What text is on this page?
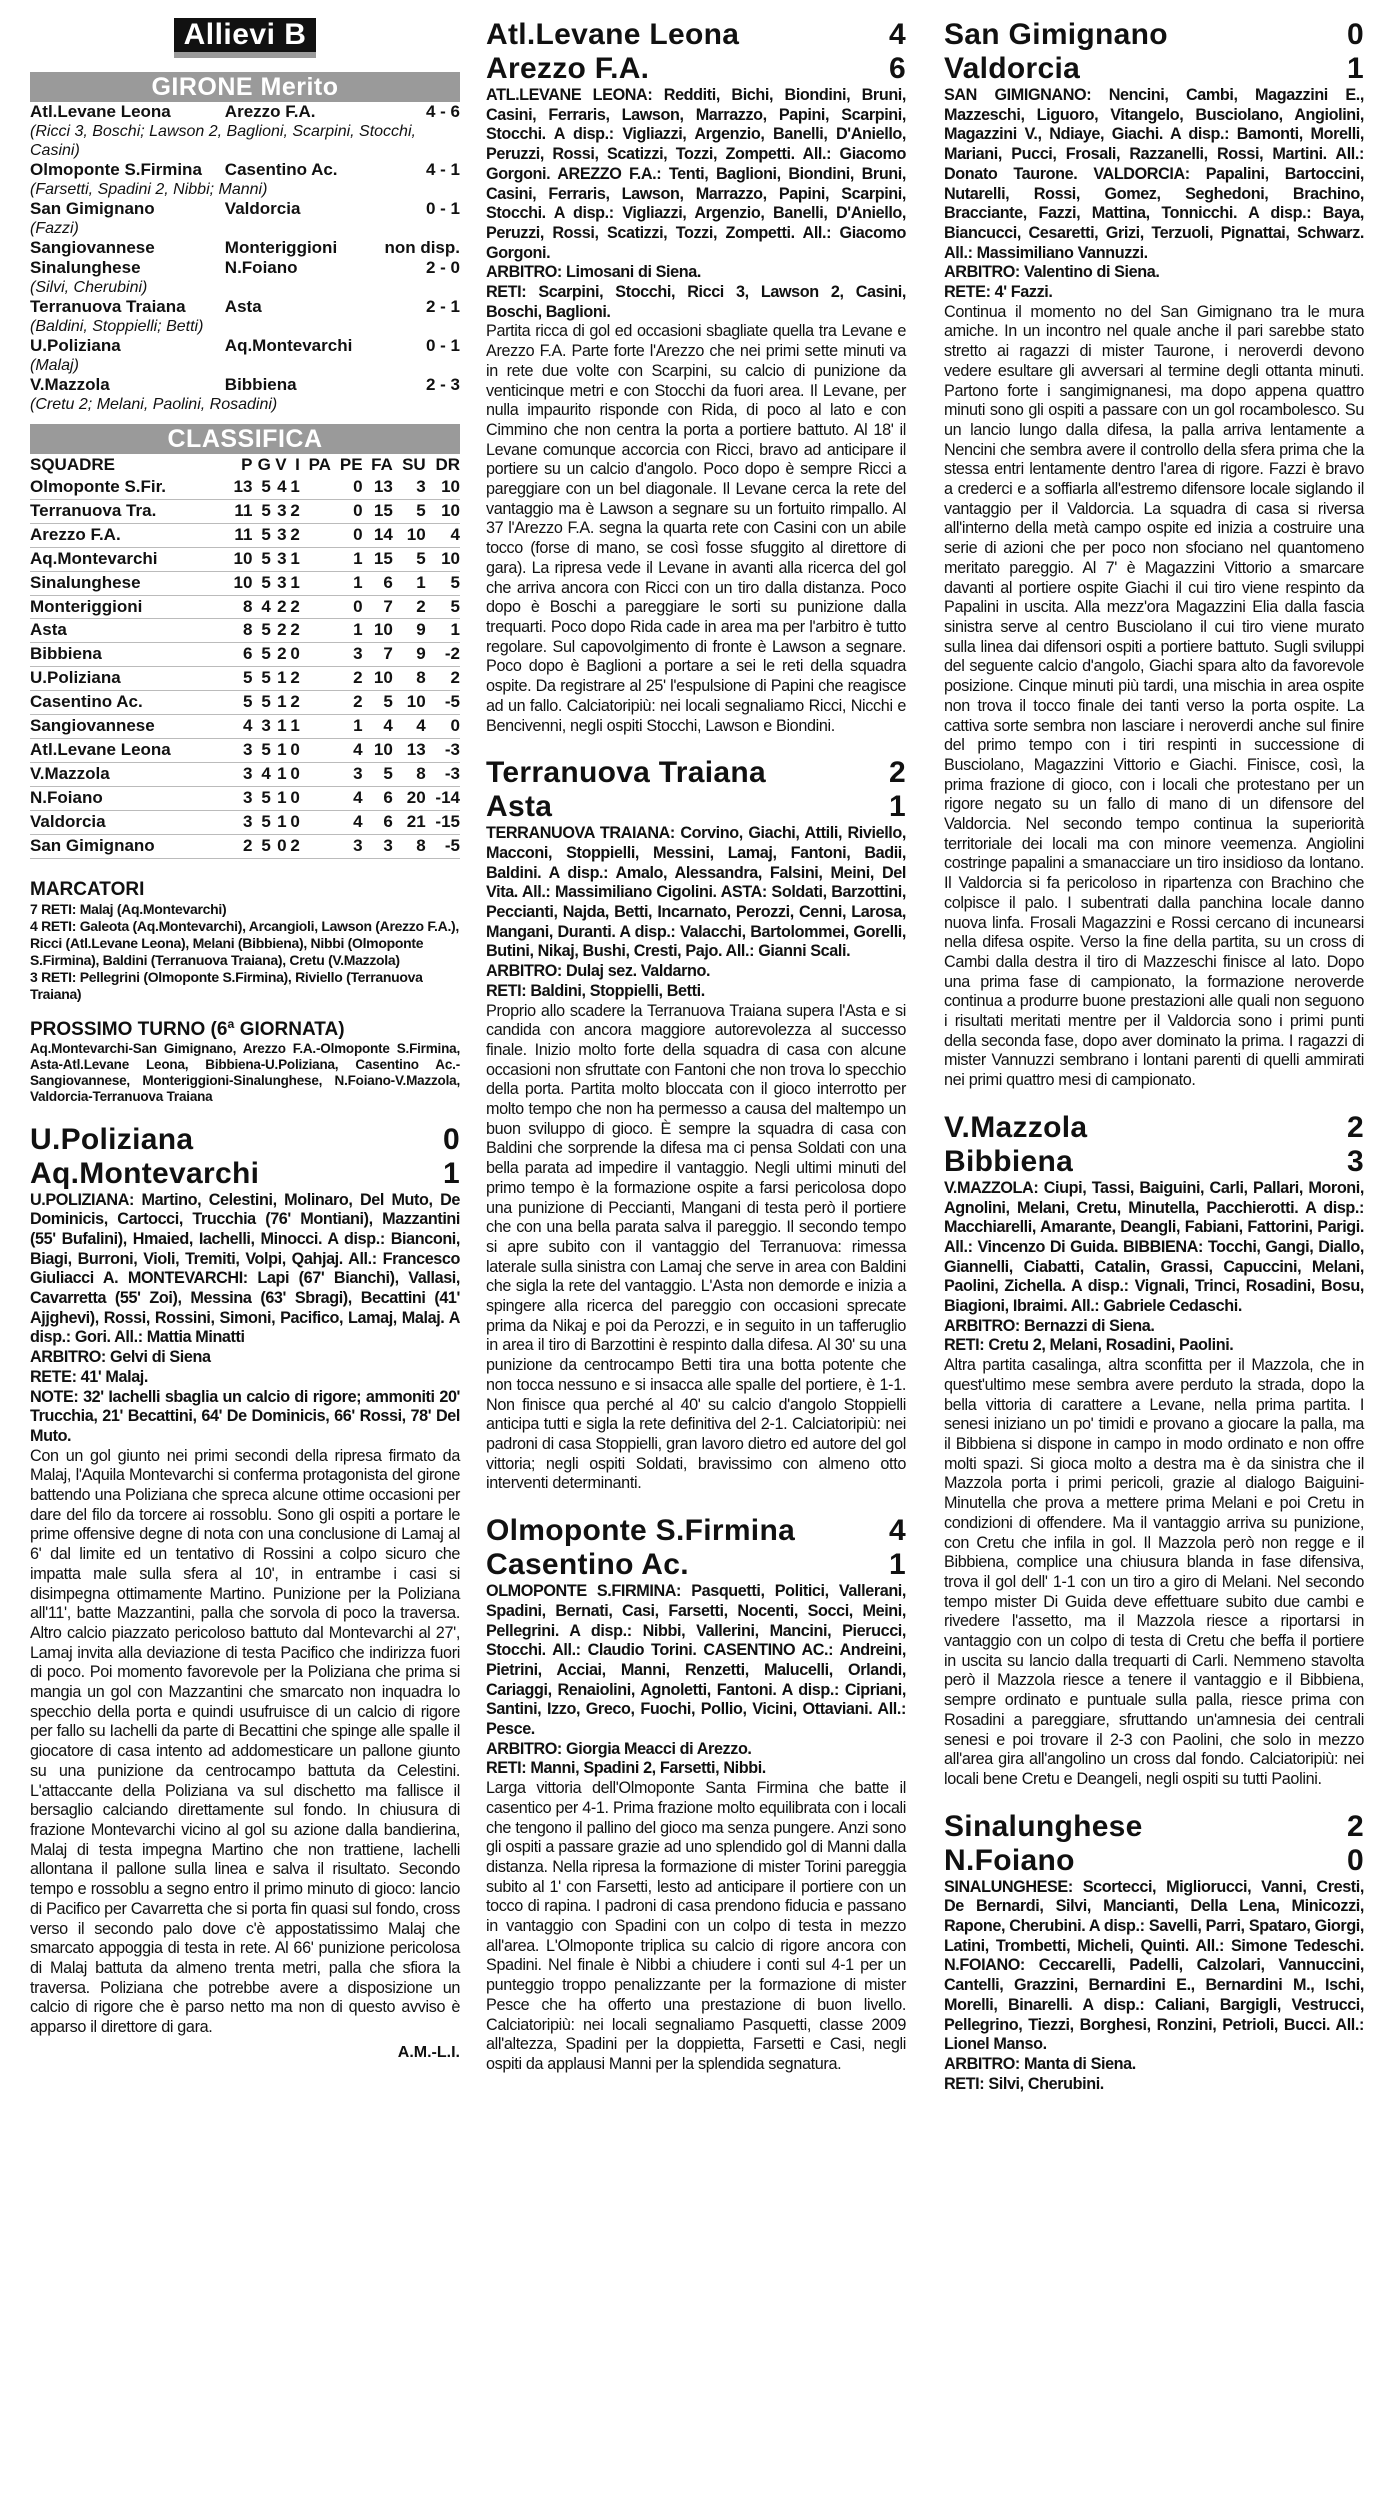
Allievi B
GIRONE Merito
Atl.Levane Leona	Arezzo F.A.	4 - 6
(Ricci 3, Boschi; Lawson 2, Baglioni, Scarpini, Stocchi, Casini)		
Olmoponte S.Firmina	Casentino Ac.	4 - 1
(Farsetti, Spadini 2, Nibbi; Manni)		
San Gimignano	Valdorcia	0 - 1
(Fazzi)		
Sangiovannese	Monteriggioni	non disp.
Sinalunghese	N.Foiano	2 - 0
(Silvi, Cherubini)		
Terranuova Traiana	Asta	2 - 1
(Baldini, Stoppielli; Betti)		
U.Poliziana	Aq.Montevarchi	0 - 1
(Malaj)		
V.Mazzola	Bibbiena	2 - 3
(Cretu 2; Melani, Paolini, Rosadini)		
CLASSIFICA
SQUADRE	P	G	V	I	PA	PE	FA	SU	DR
Olmoponte S.Fir.	13	5	4	1		0	13	3	10
Terranuova Tra.	11	5	3	2		0	15	5	10
Arezzo F.A.	11	5	3	2		0	14	10	4
Aq.Montevarchi	10	5	3	1		1	15	5	10
Sinalunghese	10	5	3	1		1	6	1	5
Monteriggioni	8	4	2	2		0	7	2	5
Asta	8	5	2	2		1	10	9	1
Bibbiena	6	5	2	0		3	7	9	-2
U.Poliziana	5	5	1	2		2	10	8	2
Casentino Ac.	5	5	1	2		2	5	10	-5
Sangiovannese	4	3	1	1		1	4	4	0
Atl.Levane Leona	3	5	1	0		4	10	13	-3
V.Mazzola	3	4	1	0		3	5	8	-3
N.Foiano	3	5	1	0		4	6	20	-14
Valdorcia	3	5	1	0		4	6	21	-15
San Gimignano	2	5	0	2		3	3	8	-5
MARCATORI

7 RETI: Malaj (Aq.Montevarchi)

4 RETI: Galeota (Aq.Montevarchi), Arcangioli, Lawson (Arezzo F.A.), Ricci (Atl.Levane Leona), Melani (Bibbiena), Nibbi (Olmoponte S.Firmina), Baldini (Terranuova Traiana), Cretu (V.Mazzola)

3 RETI: Pellegrini (Olmoponte S.Firmina), Riviello (Terranuova Traiana)

PROSSIMO TURNO (6ª GIORNATA)

Aq.Montevarchi-San Gimignano, Arezzo F.A.-Olmoponte S.Firmina, Asta-Atl.Levane Leona, Bibbiena-U.Poliziana, Casentino Ac.-Sangiovannese, Monteriggioni-Sinalunghese, N.Foiano-V.Mazzola, Valdorcia-Terranuova Traiana

U.Poliziana	0
Aq.Montevarchi	1

U.POLIZIANA: Martino, Celestini, Molinaro, Del Muto, De Dominicis, Cartocci, Trucchia (76' Montiani), Mazzantini (55' Bufalini), Hmaied, Iachelli, Minocci. A disp.: Bianconi, Biagi, Burroni, Violi, Tremiti, Volpi, Qahjaj. All.: Francesco Giuliacci A. MONTEVARCHI: Lapi (67' Bianchi), Vallasi, Cavarretta (55' Zoi), Messina (63' Sbragi), Becattini (41' Ajjghevi), Rossi, Rossini, Simoni, Pacifico, Lamaj, Malaj. A disp.: Gori. All.: Mattia Minatti

ARBITRO: Gelvi di Siena

RETE: 41' Malaj.

NOTE: 32' Iachelli sbaglia un calcio di rigore; ammoniti 20' Trucchia, 21' Becattini, 64' De Dominicis, 66' Rossi, 78' Del Muto.

Con un gol giunto nei primi secondi della ripresa firmato da Malaj, l'Aquila Montevarchi si conferma protagonista del girone battendo una Poliziana che spreca alcune ottime occasioni per dare del filo da torcere ai rossoblu. Sono gli ospiti a portare le prime offensive degne di nota con una conclusione di Lamaj al 6' dal limite ed un tentativo di Rossini a colpo sicuro che impatta male sulla sfera al 10', in entrambe i casi si disimpegna ottimamente Martino. Punizione per la Poliziana all'11', batte Mazzantini, palla che sorvola di poco la traversa. Altro calcio piazzato pericoloso battuto dal Montevarchi al 27', Lamaj invita alla deviazione di testa Pacifico che indirizza fuori di poco. Poi momento favorevole per la Poliziana che prima si mangia un gol con Mazzantini che smarcato non inquadra lo specchio della porta e quindi usufruisce di un calcio di rigore per fallo su Iachelli da parte di Becattini che spinge alle spalle il giocatore di casa intento ad addomesticare un pallone giunto su una punizione da centrocampo battuta da Celestini. L'attaccante della Poliziana va sul dischetto ma fallisce il bersaglio calciando direttamente sul fondo. In chiusura di frazione Montevarchi vicino al gol su azione dalla bandierina, Malaj di testa impegna Martino che non trattiene, lachelli allontana il pallone sulla linea e salva il risultato. Secondo tempo e rossoblu a segno entro il primo minuto di gioco: lancio di Pacifico per Cavarretta che si porta fin quasi sul fondo, cross verso il secondo palo dove c'è appostatissimo Malaj che smarcato appoggia di testa in rete. Al 66' punizione pericolosa di Malaj battuta da almeno trenta metri, palla che sfiora la traversa. Poliziana che potrebbe avere a disposizione un calcio di rigore che è parso netto ma non di questo avviso è apparso il direttore di gara.

A.M.-L.I.

Atl.Levane Leona	4
Arezzo F.A.	6

ATL.LEVANE LEONA: Redditi, Bichi, Biondini, Bruni, Casini, Ferraris, Lawson, Marrazzo, Papini, Scarpini, Stocchi. A disp.: Vigliazzi, Argenzio, Banelli, D'Aniello, Peruzzi, Rossi, Scatizzi, Tozzi, Zompetti. All.: Giacomo Gorgoni. AREZZO F.A.: Tenti, Baglioni, Biondini, Bruni, Casini, Ferraris, Lawson, Marrazzo, Papini, Scarpini, Stocchi. A disp.: Vigliazzi, Argenzio, Banelli, D'Aniello, Peruzzi, Rossi, Scatizzi, Tozzi, Zompetti. All.: Giacomo Gorgoni.

ARBITRO: Limosani di Siena.

RETI: Scarpini, Stocchi, Ricci 3, Lawson 2, Casini, Boschi, Baglioni.

Partita ricca di gol ed occasioni sbagliate quella tra Levane e Arezzo F.A. Parte forte l'Arezzo che nei primi sette minuti va in rete due volte con Scarpini, su calcio di punizione da venticinque metri e con Stocchi da fuori area. Il Levane, per nulla impaurito risponde con Rida, di poco al lato e con Cimmino che non centra la porta a portiere battuto. Al 18' il Levane comunque accorcia con Ricci, bravo ad anticipare il portiere su un calcio d'angolo. Poco dopo è sempre Ricci a pareggiare con un bel diagonale. Il Levane cerca la rete del vantaggio ma è Lawson a segnare su un fortuito rimpallo. Al 37 l'Arezzo F.A. segna la quarta rete con Casini con un abile tocco (forse di mano, se così fosse sfuggito al direttore di gara). La ripresa vede il Levane in avanti alla ricerca del gol che arriva ancora con Ricci con un tiro dalla distanza. Poco dopo è Boschi a pareggiare le sorti su punizione dalla trequarti. Poco dopo Rida cade in area ma per l'arbitro è tutto regolare. Sul capovolgimento di fronte è Lawson a segnare. Poco dopo è Baglioni a portare a sei le reti della squadra ospite. Da registrare al 25' l'espulsione di Papini che reagisce ad un fallo. Calciatoripiù: nei locali segnaliamo Ricci, Nicchi e Bencivenni, negli ospiti Stocchi, Lawson e Biondini.

Terranuova Traiana	2
Asta	1

TERRANUOVA TRAIANA: Corvino, Giachi, Attili, Riviello, Macconi, Stoppielli, Messini, Lamaj, Fantoni, Badii, Baldini. A disp.: Amalo, Alessandra, Falsini, Meini, Del Vita. All.: Massimiliano Cigolini. ASTA: Soldati, Barzottini, Peccianti, Najda, Betti, Incarnato, Perozzi, Cenni, Larosa, Mangani, Duranti. A disp.: Valacchi, Bartolommei, Gorelli, Butini, Nikaj, Bushi, Cresti, Pajo. All.: Gianni Scali.

ARBITRO: Dulaj sez. Valdarno.

RETI: Baldini, Stoppielli, Betti.

Proprio allo scadere la Terranuova Traiana supera l'Asta e si candida con ancora maggiore autorevolezza al successo finale. Inizio molto forte della squadra di casa con alcune occasioni non sfruttate con Fantoni che non trova lo specchio della porta. Partita molto bloccata con il gioco interrotto per molto tempo che non ha permesso a causa del maltempo un buon sviluppo di gioco. È sempre la squadra di casa con Baldini che sorprende la difesa ma ci pensa Soldati con una bella parata ad impedire il vantaggio. Negli ultimi minuti del primo tempo è la formazione ospite a farsi pericolosa dopo una punizione di Peccianti, Mangani di testa però il portiere che con una bella parata salva il pareggio. Il secondo tempo si apre subito con il vantaggio del Terranuova: rimessa laterale sulla sinistra con Lamaj che serve in area con Baldini che sigla la rete del vantaggio. L'Asta non demorde e inizia a spingere alla ricerca del pareggio con occasioni sprecate prima da Nikaj e poi da Perozzi, e in seguito in un tafferuglio in area il tiro di Barzottini è respinto dalla difesa. Al 30' su una punizione da centrocampo Betti tira una botta potente che non tocca nessuno e si insacca alle spalle del portiere, è 1-1. Non finisce qua perché al 40' su calcio d'angolo Stoppielli anticipa tutti e sigla la rete definitiva del 2-1. Calciatoripiù: nei padroni di casa Stoppielli, gran lavoro dietro ed autore del gol vittoria; negli ospiti Soldati, bravissimo con almeno otto interventi determinanti.

Olmoponte S.Firmina	4
Casentino Ac.	1

OLMOPONTE S.FIRMINA: Pasquetti, Politici, Vallerani, Spadini, Bernati, Casi, Farsetti, Nocenti, Socci, Meini, Pellegrini. A disp.: Nibbi, Vallerini, Mancini, Pierucci, Stocchi. All.: Claudio Torini. CASENTINO AC.: Andreini, Pietrini, Acciai, Manni, Renzetti, Malucelli, Orlandi, Cariaggi, Renaiolini, Agnoletti, Fantoni. A disp.: Cipriani, Santini, Izzo, Greco, Fuochi, Pollio, Vicini, Ottaviani. All.: Pesce.

ARBITRO: Giorgia Meacci di Arezzo.

RETI: Manni, Spadini 2, Farsetti, Nibbi.

Larga vittoria dell'Olmoponte Santa Firmina che batte il casentico per 4-1. Prima frazione molto equilibrata con i locali che tengono il pallino del gioco ma senza pungere. Anzi sono gli ospiti a passare grazie ad uno splendido gol di Manni dalla distanza. Nella ripresa la formazione di mister Torini pareggia subito al 1' con Farsetti, lesto ad anticipare il portiere con un tocco di rapina. I padroni di casa prendono fiducia e passano in vantaggio con Spadini con un colpo di testa in mezzo all'area. L'Olmoponte triplica su calcio di rigore ancora con Spadini. Nel finale è Nibbi a chiudere i conti sul 4-1 per un punteggio troppo penalizzante per la formazione di mister Pesce che ha offerto una prestazione di buon livello. Calciatoripiù: nei locali segnaliamo Pasquetti, classe 2009 all'altezza, Spadini per la doppietta, Farsetti e Casi, negli ospiti da applausi Manni per la splendida segnatura.

San Gimignano	0
Valdorcia	1

SAN GIMIGNANO: Nencini, Cambi, Magazzini E., Mazzeschi, Liguoro, Vitangelo, Busciolano, Angiolini, Magazzini V., Ndiaye, Giachi. A disp.: Bamonti, Morelli, Mariani, Pucci, Frosali, Razzanelli, Rossi, Martini. All.: Donato Taurone. VALDORCIA: Papalini, Bartoccini, Nutarelli, Rossi, Gomez, Seghedoni, Brachino, Bracciante, Fazzi, Mattina, Tonnicchi. A disp.: Baya, Biancucci, Cesaretti, Grizi, Terzuoli, Pignattai, Schwarz. All.: Massimiliano Vannuzzi.

ARBITRO: Valentino di Siena.

RETE: 4' Fazzi.

Continua il momento no del San Gimignano tra le mura amiche. In un incontro nel quale anche il pari sarebbe stato stretto ai ragazzi di mister Taurone, i neroverdi devono vedere esultare gli avversari al termine degli ottanta minuti. Partono forte i sangimignanesi, ma dopo appena quattro minuti sono gli ospiti a passare con un gol rocambolesco. Su un lancio lungo dalla difesa, la palla arriva lentamente a Nencini che sembra avere il controllo della sfera prima che la stessa entri lentamente dentro l'area di rigore. Fazzi è bravo a crederci e a soffiarla all'estremo difensore locale siglando il vantaggio per il Valdorcia. La squadra di casa si riversa all'interno della metà campo ospite ed inizia a costruire una serie di azioni che per poco non sfociano nel quantomeno meritato pareggio. Al 7' è Magazzini Vittorio a smarcare davanti al portiere ospite Giachi il cui tiro viene respinto da Papalini in uscita. Alla mezz'ora Magazzini Elia dalla fascia sinistra serve al centro Busciolano il cui tiro viene murato sulla linea dai difensori ospiti a portiere battuto. Sugli sviluppi del seguente calcio d'angolo, Giachi spara alto da favorevole posizione. Cinque minuti più tardi, una mischia in area ospite non trova il tocco finale dei tanti verso la porta ospite. La cattiva sorte sembra non lasciare i neroverdi anche sul finire del primo tempo con i tiri respinti in successione di Busciolano, Magazzini Vittorio e Giachi. Finisce, così, la prima frazione di gioco, con i locali che protestano per un rigore negato su un fallo di mano di un difensore del Valdorcia. Nel secondo tempo continua la superiorità territoriale dei locali ma con minore veemenza. Angiolini costringe papalini a smanacciare un tiro insidioso da lontano. Il Valdorcia si fa pericoloso in ripartenza con Brachino che colpisce il palo. I subentrati dalla panchina locale danno nuova linfa. Frosali Magazzini e Rossi cercano di incunearsi nella difesa ospite. Verso la fine della partita, su un cross di Cambi dalla destra il tiro di Mazzeschi finisce al lato. Dopo una prima fase di campionato, la formazione neroverde continua a produrre buone prestazioni alle quali non seguono i risultati meritati mentre per il Valdorcia sono i primi punti della seconda fase, dopo aver dominato la prima. I ragazzi di mister Vannuzzi sembrano i lontani parenti di quelli ammirati nei primi quattro mesi di campionato.

V.Mazzola	2
Bibbiena	3

V.MAZZOLA: Ciupi, Tassi, Baiguini, Carli, Pallari, Moroni, Agnolini, Melani, Cretu, Minutella, Pacchierotti. A disp.: Macchiarelli, Amarante, Deangli, Fabiani, Fattorini, Parigi. All.: Vincenzo Di Guida. BIBBIENA: Tocchi, Gangi, Diallo, Giannelli, Ciabatti, Catalin, Grassi, Capuccini, Melani, Paolini, Zichella. A disp.: Vignali, Trinci, Rosadini, Bosu, Biagioni, Ibraimi. All.: Gabriele Cedaschi.

ARBITRO: Bernazzi di Siena.

RETI: Cretu 2, Melani, Rosadini, Paolini.

Altra partita casalinga, altra sconfitta per il Mazzola, che in quest'ultimo mese sembra avere perduto la strada, dopo la bella vittoria di carattere a Levane, nella prima partita. I senesi iniziano un po' timidi e provano a giocare la palla, ma il Bibbiena si dispone in campo in modo ordinato e non offre molti spazi. Si gioca molto a destra ma è da sinistra che il Mazzola porta i primi pericoli, grazie al dialogo Baiguini-Minutella che prova a mettere prima Melani e poi Cretu in condizioni di offendere. Ma il vantaggio arriva su punizione, con Cretu che infila in gol. Il Mazzola però non regge e il Bibbiena, complice una chiusura blanda in fase difensiva, trova il gol dell' 1-1 con un tiro a giro di Melani. Nel secondo tempo mister Di Guida deve effettuare subito due cambi e rivedere l'assetto, ma il Mazzola riesce a riportarsi in vantaggio con un colpo di testa di Cretu che beffa il portiere in uscita su lancio dalla trequarti di Carli. Nemmeno stavolta però il Mazzola riesce a tenere il vantaggio e il Bibbiena, sempre ordinato e puntuale sulla palla, riesce prima con Rosadini a pareggiare, sfruttando un'amnesia dei centrali senesi e poi trovare il 2-3 con Paolini, che solo in mezzo all'area gira all'angolino un cross dal fondo. Calciatoripiù: nei locali bene Cretu e Deangeli, negli ospiti su tutti Paolini.

Sinalunghese	2
N.Foiano	0

SINALUNGHESE: Scortecci, Migliorucci, Vanni, Cresti, De Bernardi, Silvi, Mancianti, Della Lena, Minicozzi, Rapone, Cherubini. A disp.: Savelli, Parri, Spataro, Giorgi, Latini, Trombetti, Micheli, Quinti. All.: Simone Tedeschi. N.FOIANO: Ceccarelli, Padelli, Calzolari, Vannuccini, Cantelli, Grazzini, Bernardini E., Bernardini M., Ischi, Morelli, Binarelli. A disp.: Caliani, Bargigli, Vestrucci, Pellegrino, Tiezzi, Borghesi, Ronzini, Petrioli, Bucci. All.: Lionel Manso.

ARBITRO: Manta di Siena.

RETI: Silvi, Cherubini.
